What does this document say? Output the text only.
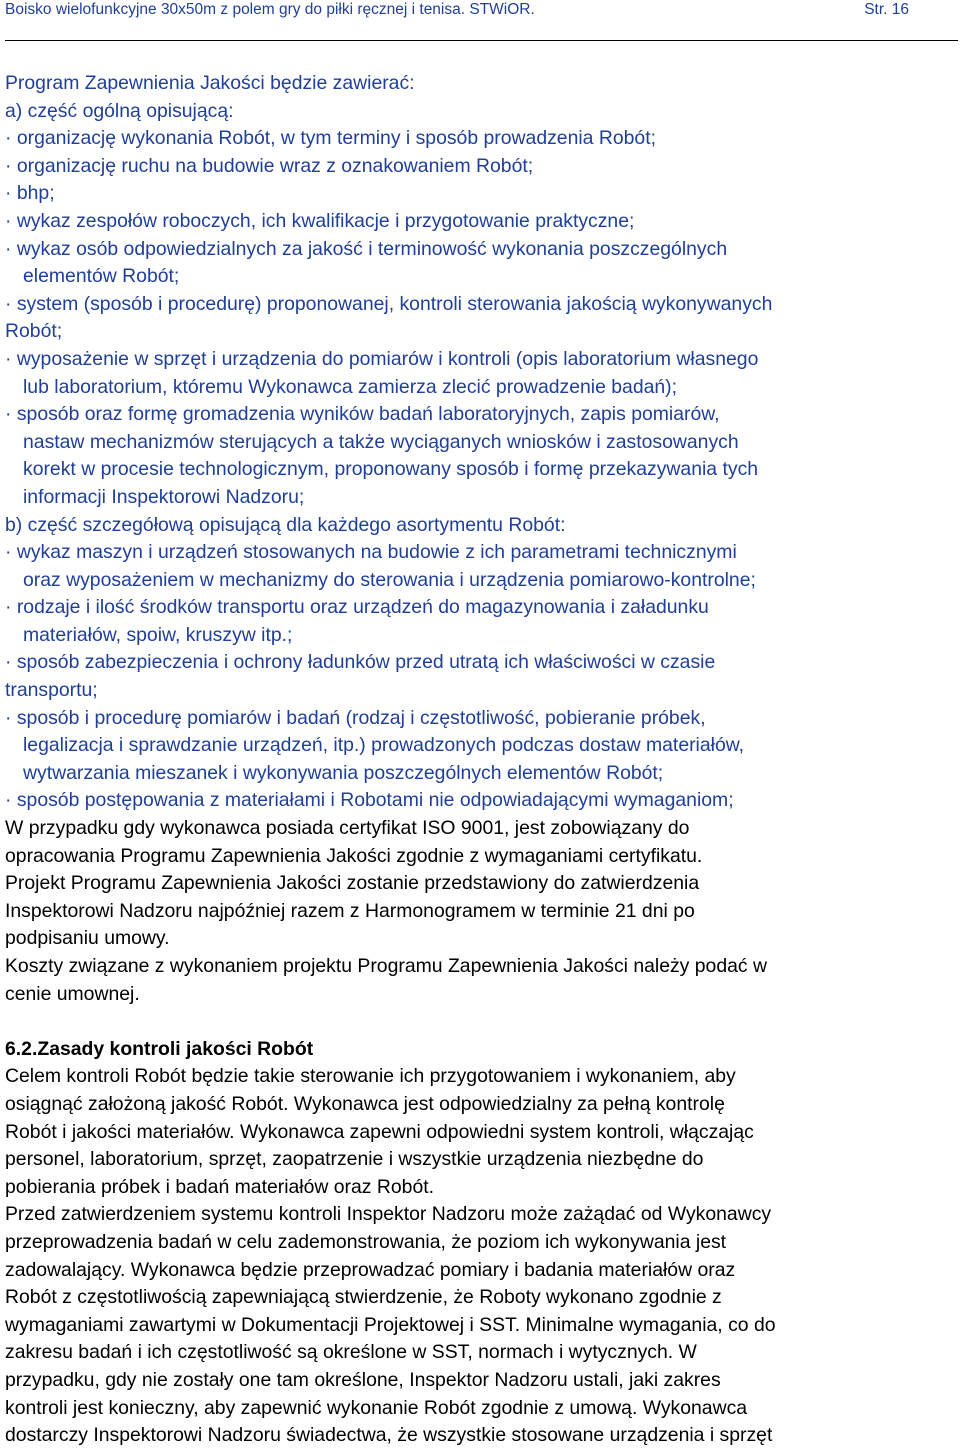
Boisko wielofunkcyjne 30x50m z polem gry do piłki ręcznej i tenisa. STWiOR.	Str. 16
Program Zapewnienia Jakości będzie zawierać:
a) część ogólną opisującą:
· organizację wykonania Robót, w tym terminy i sposób prowadzenia Robót;
· organizację ruchu na budowie wraz z oznakowaniem Robót;
· bhp;
· wykaz zespołów roboczych, ich kwalifikacje i przygotowanie praktyczne;
· wykaz osób odpowiedzialnych za jakość i terminowość wykonania poszczególnych
elementów Robót;
· system (sposób i procedurę) proponowanej, kontroli sterowania jakością wykonywanych
Robót;
· wyposażenie w sprzęt i urządzenia do pomiarów i kontroli (opis laboratorium własnego
lub laboratorium, któremu Wykonawca zamierza zlecić prowadzenie badań);
· sposób oraz formę gromadzenia wyników badań laboratoryjnych, zapis pomiarów,
nastaw mechanizmów sterujących a także wyciąganych wniosków i zastosowanych
korekt w procesie technologicznym, proponowany sposób i formę przekazywania tych
informacji Inspektorowi Nadzoru;
b) część szczegółową opisującą dla każdego asortymentu Robót:
· wykaz maszyn i urządzeń stosowanych na budowie z ich parametrami technicznymi
oraz wyposażeniem w mechanizmy do sterowania i urządzenia pomiarowo-kontrolne;
· rodzaje i ilość środków transportu oraz urządzeń do magazynowania i załadunku
materiałów, spoiw, kruszyw itp.;
· sposób zabezpieczenia i ochrony ładunków przed utratą ich właściwości w czasie
transportu;
· sposób i procedurę pomiarów i badań (rodzaj i częstotliwość, pobieranie próbek,
legalizacja i sprawdzanie urządzeń, itp.) prowadzonych podczas dostaw materiałów,
wytwarzania mieszanek i wykonywania poszczególnych elementów Robót;
· sposób postępowania z materiałami i Robotami nie odpowiadającymi wymaganiom;
W przypadku gdy wykonawca posiada certyfikat ISO 9001, jest zobowiązany do
opracowania Programu Zapewnienia Jakości zgodnie z wymaganiami certyfikatu.
Projekt Programu Zapewnienia Jakości zostanie przedstawiony do zatwierdzenia
Inspektorowi Nadzoru najpóźniej razem z Harmonogramem w terminie 21 dni po
podpisaniu umowy.
Koszty związane z wykonaniem projektu Programu Zapewnienia Jakości należy podać w
cenie umownej.
6.2.Zasady kontroli jakości Robót
Celem kontroli Robót będzie takie sterowanie ich przygotowaniem i wykonaniem, aby
osiągnąć założoną jakość Robót. Wykonawca jest odpowiedzialny za pełną kontrolę
Robót i jakości materiałów. Wykonawca zapewni odpowiedni system kontroli, włączając
personel, laboratorium, sprzęt, zaopatrzenie i wszystkie urządzenia niezbędne do
pobierania próbek i badań materiałów oraz Robót.
Przed zatwierdzeniem systemu kontroli Inspektor Nadzoru może zażądać od Wykonawcy
przeprowadzenia badań w celu zademonstrowania, że poziom ich wykonywania jest
zadowalający. Wykonawca będzie przeprowadzać pomiary i badania materiałów oraz
Robót z częstotliwością zapewniającą stwierdzenie, że Roboty wykonano zgodnie z
wymaganiami zawartymi w Dokumentacji Projektowej i SST. Minimalne wymagania, co do
zakresu badań i ich częstotliwość są określone w SST, normach i wytycznych. W
przypadku, gdy nie zostały one tam określone, Inspektor Nadzoru ustali, jaki zakres
kontroli jest konieczny, aby zapewnić wykonanie Robót zgodnie z umową. Wykonawca
dostarczy Inspektorowi Nadzoru świadectwa, że wszystkie stosowane urządzenia i sprzęt
